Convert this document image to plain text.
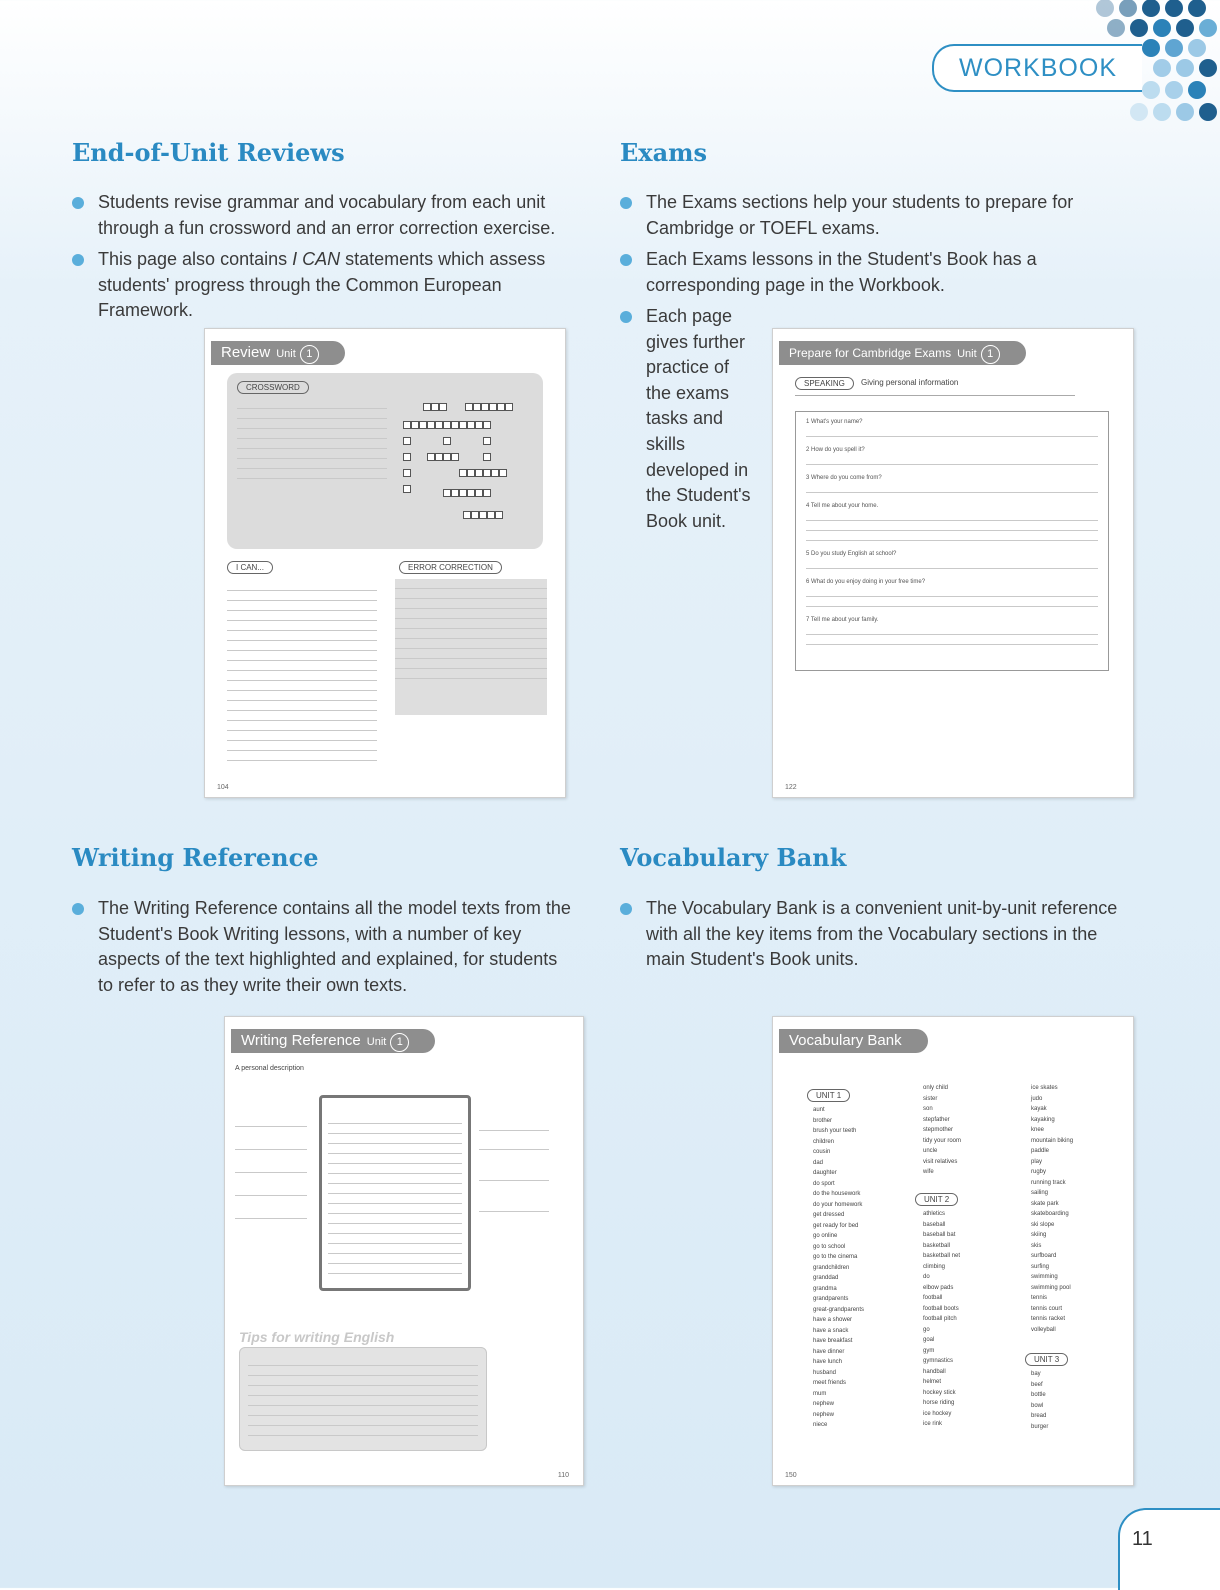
WORKBOOK
End-of-Unit Reviews
Students revise grammar and vocabulary from each unit through a fun crossword and an error correction exercise.
This page also contains I CAN statements which assess students' progress through the Common European Framework.
Review Unit 1
CROSSWORD
I CAN...	ERROR CORRECTION
104
Exams
The Exams sections help your students to prepare for Cambridge or TOEFL exams.
Each Exams lessons in the Student's Book has a corresponding page in the Workbook.
Each page gives further practice of the exams tasks and skills developed in the Student's Book unit.
Prepare for Cambridge Exams Unit 1
SPEAKING	Giving personal information
1 What's your name?
2 How do you spell it?
3 Where do you come from?
4 Tell me about your home.
5 Do you study English at school?
6 What do you enjoy doing in your free time?
7 Tell me about your family.
122
Writing Reference
The Writing Reference contains all the model texts from the Student's Book Writing lessons, with a number of key aspects of the text highlighted and explained, for students to refer to as they write their own texts.
Writing Reference Unit 1
A personal description
Tips for writing English
110
Vocabulary Bank
The Vocabulary Bank is a convenient unit-by-unit reference with all the key items from the Vocabulary sections in the main Student's Book units.
Vocabulary Bank
UNIT 1
aunt
brother
brush your teeth
children
cousin
dad
daughter
do sport
do the housework
do your homework
get dressed
get ready for bed
go online
go to school
go to the cinema
grandchildren
granddad
grandma
grandparents
great-grandparents
have a shower
have a snack
have breakfast
have dinner
have lunch
husband
meet friends
mum
nephew
nephew
niece
only child
sister
son
stepfather
stepmother
tidy your room
uncle
visit relatives
wife
UNIT 2
athletics
baseball
baseball bat
basketball
basketball net
climbing
do
elbow pads
football
football boots
football pitch
go
goal
gym
gymnastics
handball
helmet
hockey stick
horse riding
ice hockey
ice rink
ice skates
judo
kayak
kayaking
knee
mountain biking
paddle
play
rugby
running track
sailing
skate park
skateboarding
ski slope
skiing
skis
surfboard
surfing
swimming
swimming pool
tennis
tennis court
tennis racket
volleyball
UNIT 3
bay
beef
bottle
bowl
bread
burger
150
11
